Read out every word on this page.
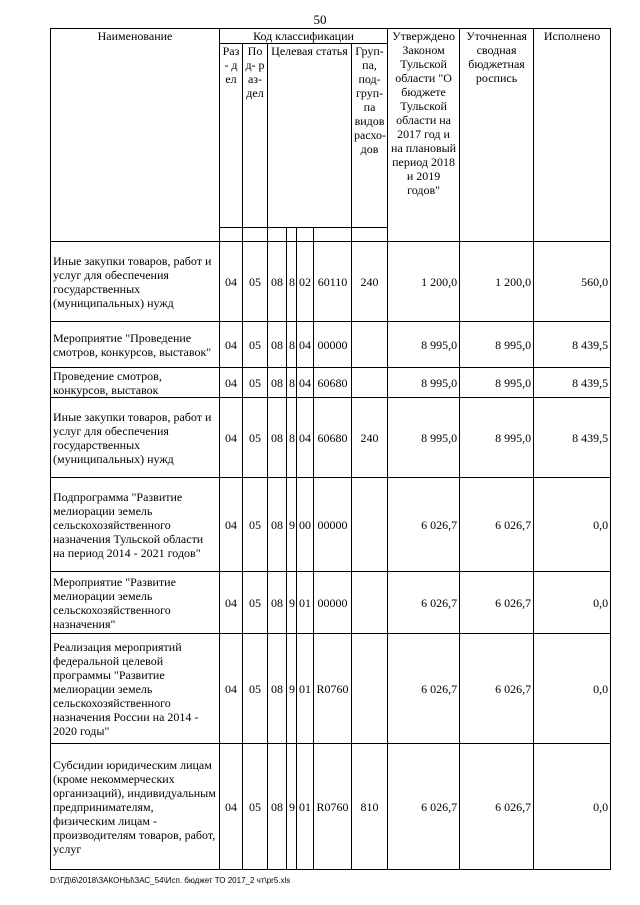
50
Наименование	Код классификации							Утверждено Законом Тульской области "О бюджете Тульской области на 2017 год и на плановый период 2018 и 2019 годов"	Уточненная сводная бюджетная роспись	Исполнено
	Раз- дел	Под- раз- дел	Целевая статья				Груп- па, под- груп- па видов расхо- дов			

Иные закупки товаров, работ и услуг для обеспечения государственных (муниципальных) нужд	04	05	08	8	02	60110	240	1 200,0	1 200,0	560,0
Мероприятие "Проведение смотров, конкурсов, выставок"	04	05	08	8	04	00000		8 995,0	8 995,0	8 439,5
Проведение смотров, конкурсов, выставок	04	05	08	8	04	60680		8 995,0	8 995,0	8 439,5
Иные закупки товаров, работ и услуг для обеспечения государственных (муниципальных) нужд	04	05	08	8	04	60680	240	8 995,0	8 995,0	8 439,5
Подпрограмма "Развитие мелиорации земель сельскохозяйственного назначения Тульской области на период 2014 - 2021 годов"	04	05	08	9	00	00000		6 026,7	6 026,7	0,0
Мероприятие "Развитие мелиорации земель сельскохозяйственного назначения"	04	05	08	9	01	00000		6 026,7	6 026,7	0,0
Реализация мероприятий федеральной целевой программы "Развитие мелиорации земель сельскохозяйственного назначения России на 2014 - 2020 годы"	04	05	08	9	01	R0760		6 026,7	6 026,7	0,0
Субсидии юридическим лицам (кроме некоммерческих организаций), индивидуальным предпринимателям, физическим лицам - производителям товаров, работ, услуг	04	05	08	9	01	R0760	810	6 026,7	6 026,7	0,0
D:\ГД\6\2018\ЗАКОНЫ\ЗАС_54\Исп. бюджет ТО 2017_2 чт\pr5.xls
